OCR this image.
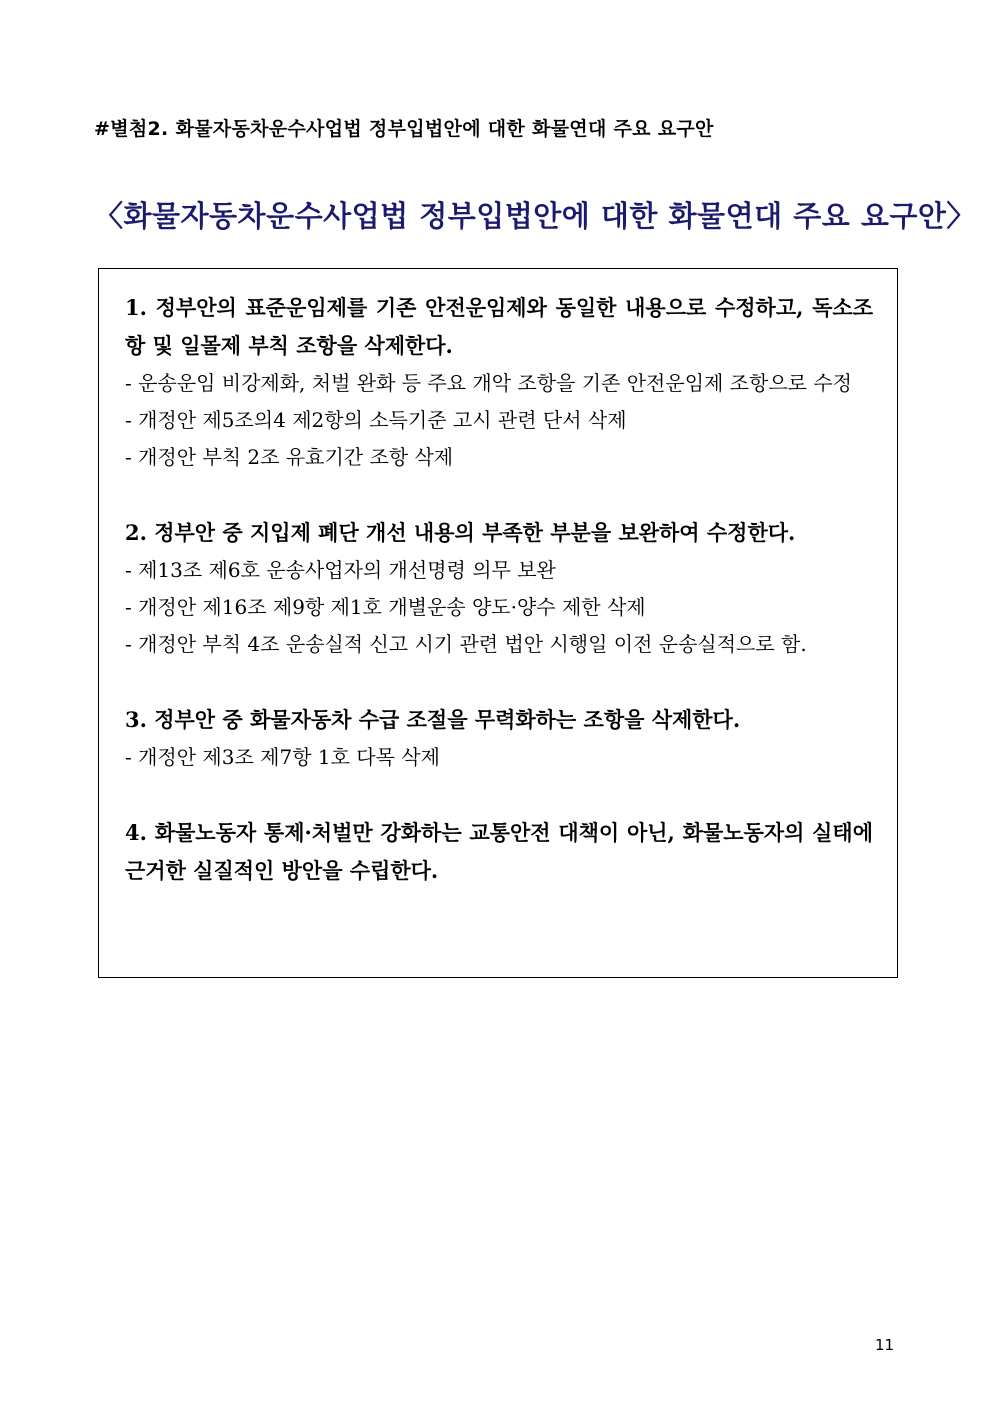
#별첨2. 화물자동차운수사업법 정부입법안에 대한 화물연대 주요 요구안
〈화물자동차운수사업법 정부입법안에 대한 화물연대 주요 요구안〉

1. 정부안의 표준운임제를 기존 안전운임제와 동일한 내용으로 수정하고, 독소조항 및 일몰제 부칙 조항을 삭제한다.

- 운송운임 비강제화, 처벌 완화 등 주요 개악 조항을 기존 안전운임제 조항으로 수정

- 개정안 제5조의4 제2항의 소득기준 고시 관련 단서 삭제

- 개정안 부칙 2조 유효기간 조항 삭제

2. 정부안 중 지입제 폐단 개선 내용의 부족한 부분을 보완하여 수정한다.

- 제13조 제6호 운송사업자의 개선명령 의무 보완

- 개정안 제16조 제9항 제1호 개별운송 양도·양수 제한 삭제

- 개정안 부칙 4조 운송실적 신고 시기 관련 법안 시행일 이전 운송실적으로 함.

3. 정부안 중 화물자동차 수급 조절을 무력화하는 조항을 삭제한다.

- 개정안 제3조 제7항 1호 다목 삭제

4. 화물노동자 통제·처벌만 강화하는 교통안전 대책이 아닌, 화물노동자의 실태에 근거한 실질적인 방안을 수립한다.

11
